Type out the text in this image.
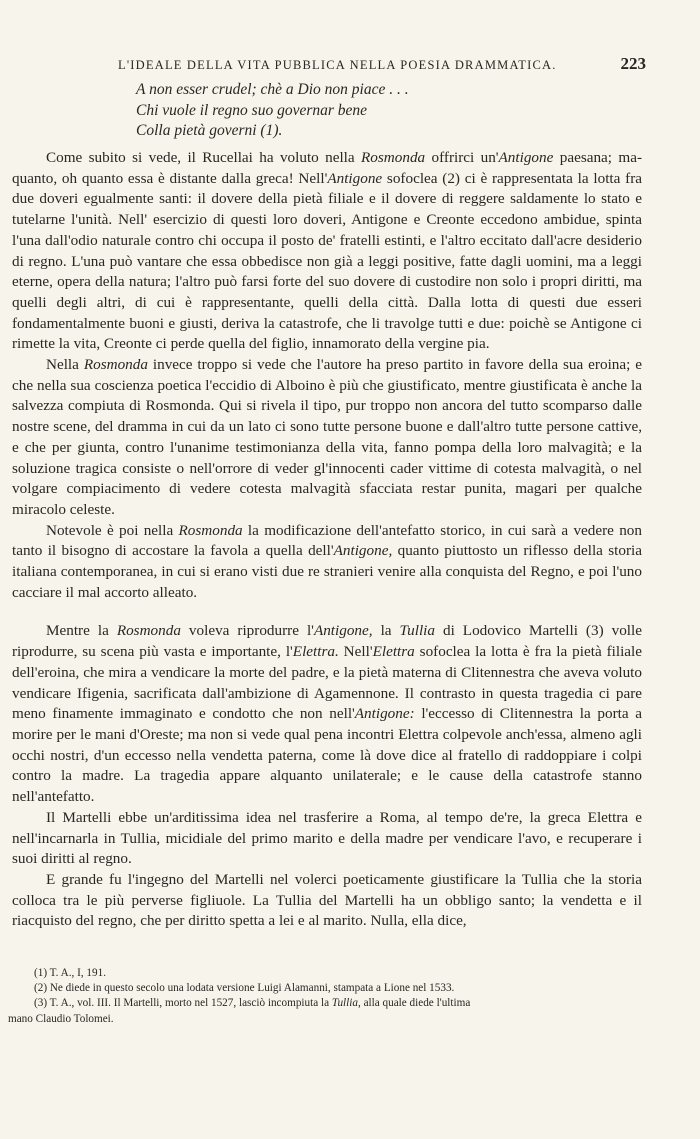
L'IDEALE DELLA VITA PUBBLICA NELLA POESIA DRAMMATICA.	223
A non esser crudel; chè a Dio non piace . . .
Chi vuole il regno suo governar bene
Colla pietà governi (1).

Come subito si vede, il Rucellai ha voluto nella Rosmonda offrirci un'Antigone paesana; ma-quanto, oh quanto essa è distante dalla greca! Nell'Antigone sofoclea (2) ci è rappresentata la lotta fra due doveri egualmente santi: il dovere della pietà filiale e il dovere di reggere saldamente lo stato e tutelarne l'unità. Nell' esercizio di questi loro doveri, Antigone e Creonte eccedono ambidue, spinta l'una dall'odio naturale contro chi occupa il posto de' fratelli estinti, e l'altro eccitato dall'acre desiderio di regno. L'una può vantare che essa obbedisce non già a leggi positive, fatte dagli uomini, ma a leggi eterne, opera della natura; l'altro può farsi forte del suo dovere di custodire non solo i propri diritti, ma quelli degli altri, di cui è rappresentante, quelli della città. Dalla lotta di questi due esseri fondamentalmente buoni e giusti, deriva la catastrofe, che li travolge tutti e due: poichè se Antigone ci rimette la vita, Creonte ci perde quella del figlio, innamorato della vergine pia.

Nella Rosmonda invece troppo si vede che l'autore ha preso partito in favore della sua eroina; e che nella sua coscienza poetica l'eccidio di Alboino è più che giustificato, mentre giustificata è anche la salvezza compiuta di Rosmonda. Qui si rivela il tipo, pur troppo non ancora del tutto scomparso dalle nostre scene, del dramma in cui da un lato ci sono tutte persone buone e dall'altro tutte persone cattive, e che per giunta, contro l'unanime testimonianza della vita, fanno pompa della loro malvagità; e la soluzione tragica consiste o nell'orrore di veder gl'innocenti cader vittime di cotesta malvagità, o nel volgare compiacimento di vedere cotesta malvagità sfacciata restar punita, magari per qualche miracolo celeste.

Notevole è poi nella Rosmonda la modificazione dell'antefatto storico, in cui sarà a vedere non tanto il bisogno di accostare la favola a quella dell'Antigone, quanto piuttosto un riflesso della storia italiana contemporanea, in cui si erano visti due re stranieri venire alla conquista del Regno, e poi l'uno cacciare il mal accorto alleato.

Mentre la Rosmonda voleva riprodurre l'Antigone, la Tullia di Lodovico Martelli (3) volle riprodurre, su scena più vasta e importante, l'Elettra. Nell'Elettra sofoclea la lotta è fra la pietà filiale dell'eroina, che mira a vendicare la morte del padre, e la pietà materna di Clitennestra che aveva voluto vendicare Ifigenia, sacrificata dall'ambizione di Agamennone. Il contrasto in questa tragedia ci pare meno finamente immaginato e condotto che non nell'Antigone: l'eccesso di Clitennestra la porta a morire per le mani d'Oreste; ma non si vede qual pena incontri Elettra colpevole anch'essa, almeno agli occhi nostri, d'un eccesso nella vendetta paterna, come là dove dice al fratello di raddoppiare i colpi contro la madre. La tragedia appare alquanto unilaterale; e le cause della catastrofe stanno nell'antefatto.

Il Martelli ebbe un'arditissima idea nel trasferire a Roma, al tempo de're, la greca Elettra e nell'incarnarla in Tullia, micidiale del primo marito e della madre per vendicare l'avo, e recuperare i suoi diritti al regno.

E grande fu l'ingegno del Martelli nel volerci poeticamente giustificare la Tullia che la storia colloca tra le più perverse figliuole. La Tullia del Martelli ha un obbligo santo; la vendetta e il riacquisto del regno, che per diritto spetta a lei e al marito. Nulla, ella dice,

(1) T. A., I, 191.
(2) Ne diede in questo secolo una lodata versione Luigi Alamanni, stampata a Lione nel 1533.
(3) T. A., vol. III. Il Martelli, morto nel 1527, lasciò incompiuta la Tullia, alla quale diede l'ultima
mano Claudio Tolomei.
